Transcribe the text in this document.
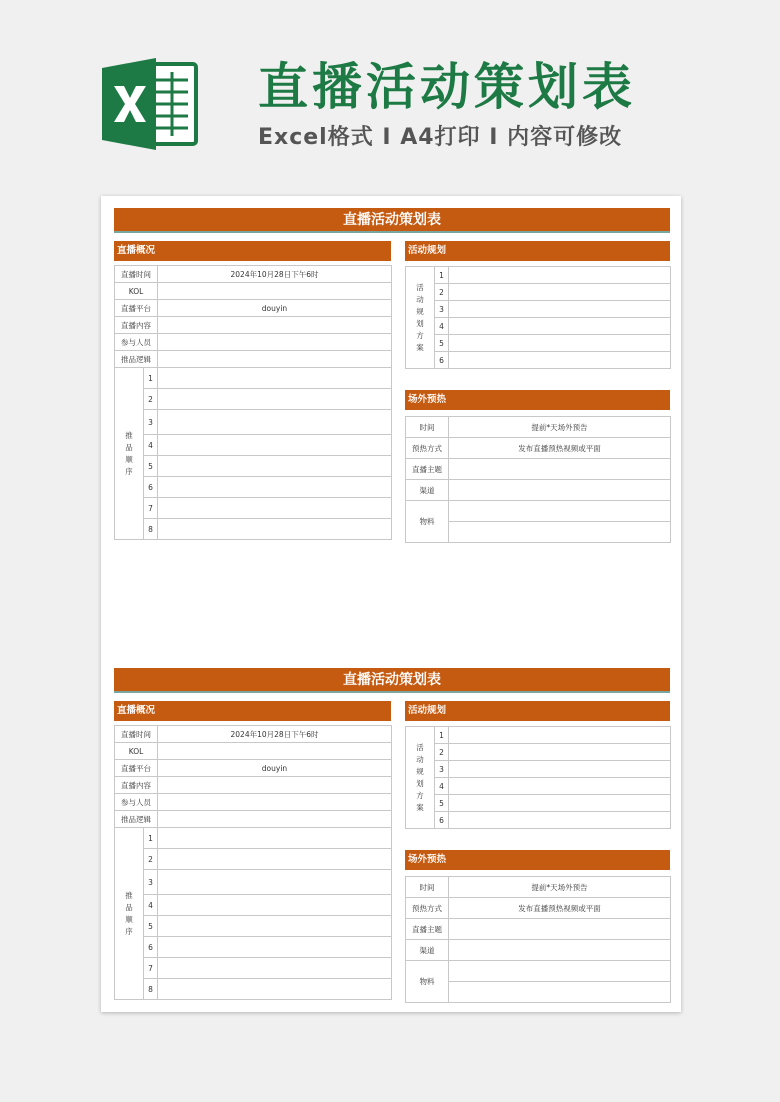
直播活动策划表
Excel格式 I A4打印 I 内容可修改
直播活动策划表
直播概况
直播时间		2024年10月28日下午6时
KOL		
直播平台		douyin
直播内容		
参与人员		
推品逻辑		
推品顺序	1	
	2	
	3	
	4	
	5	
	6	
	7	
	8	
活动规划
活动规划方案	1	
	2	
	3	
	4	
	5	
	6	
场外预热
时间	提前*天场外预告
预热方式	发布直播预热视频或平面
直播主题	
渠道	
物料	

直播活动策划表
直播概况
直播时间		2024年10月28日下午6时
KOL		
直播平台		douyin
直播内容		
参与人员		
推品逻辑		
推品顺序	1	
	2	
	3	
	4	
	5	
	6	
	7	
	8	
活动规划
活动规划方案	1	
	2	
	3	
	4	
	5	
	6	
场外预热
时间	提前*天场外预告
预热方式	发布直播预热视频或平面
直播主题	
渠道	
物料	
